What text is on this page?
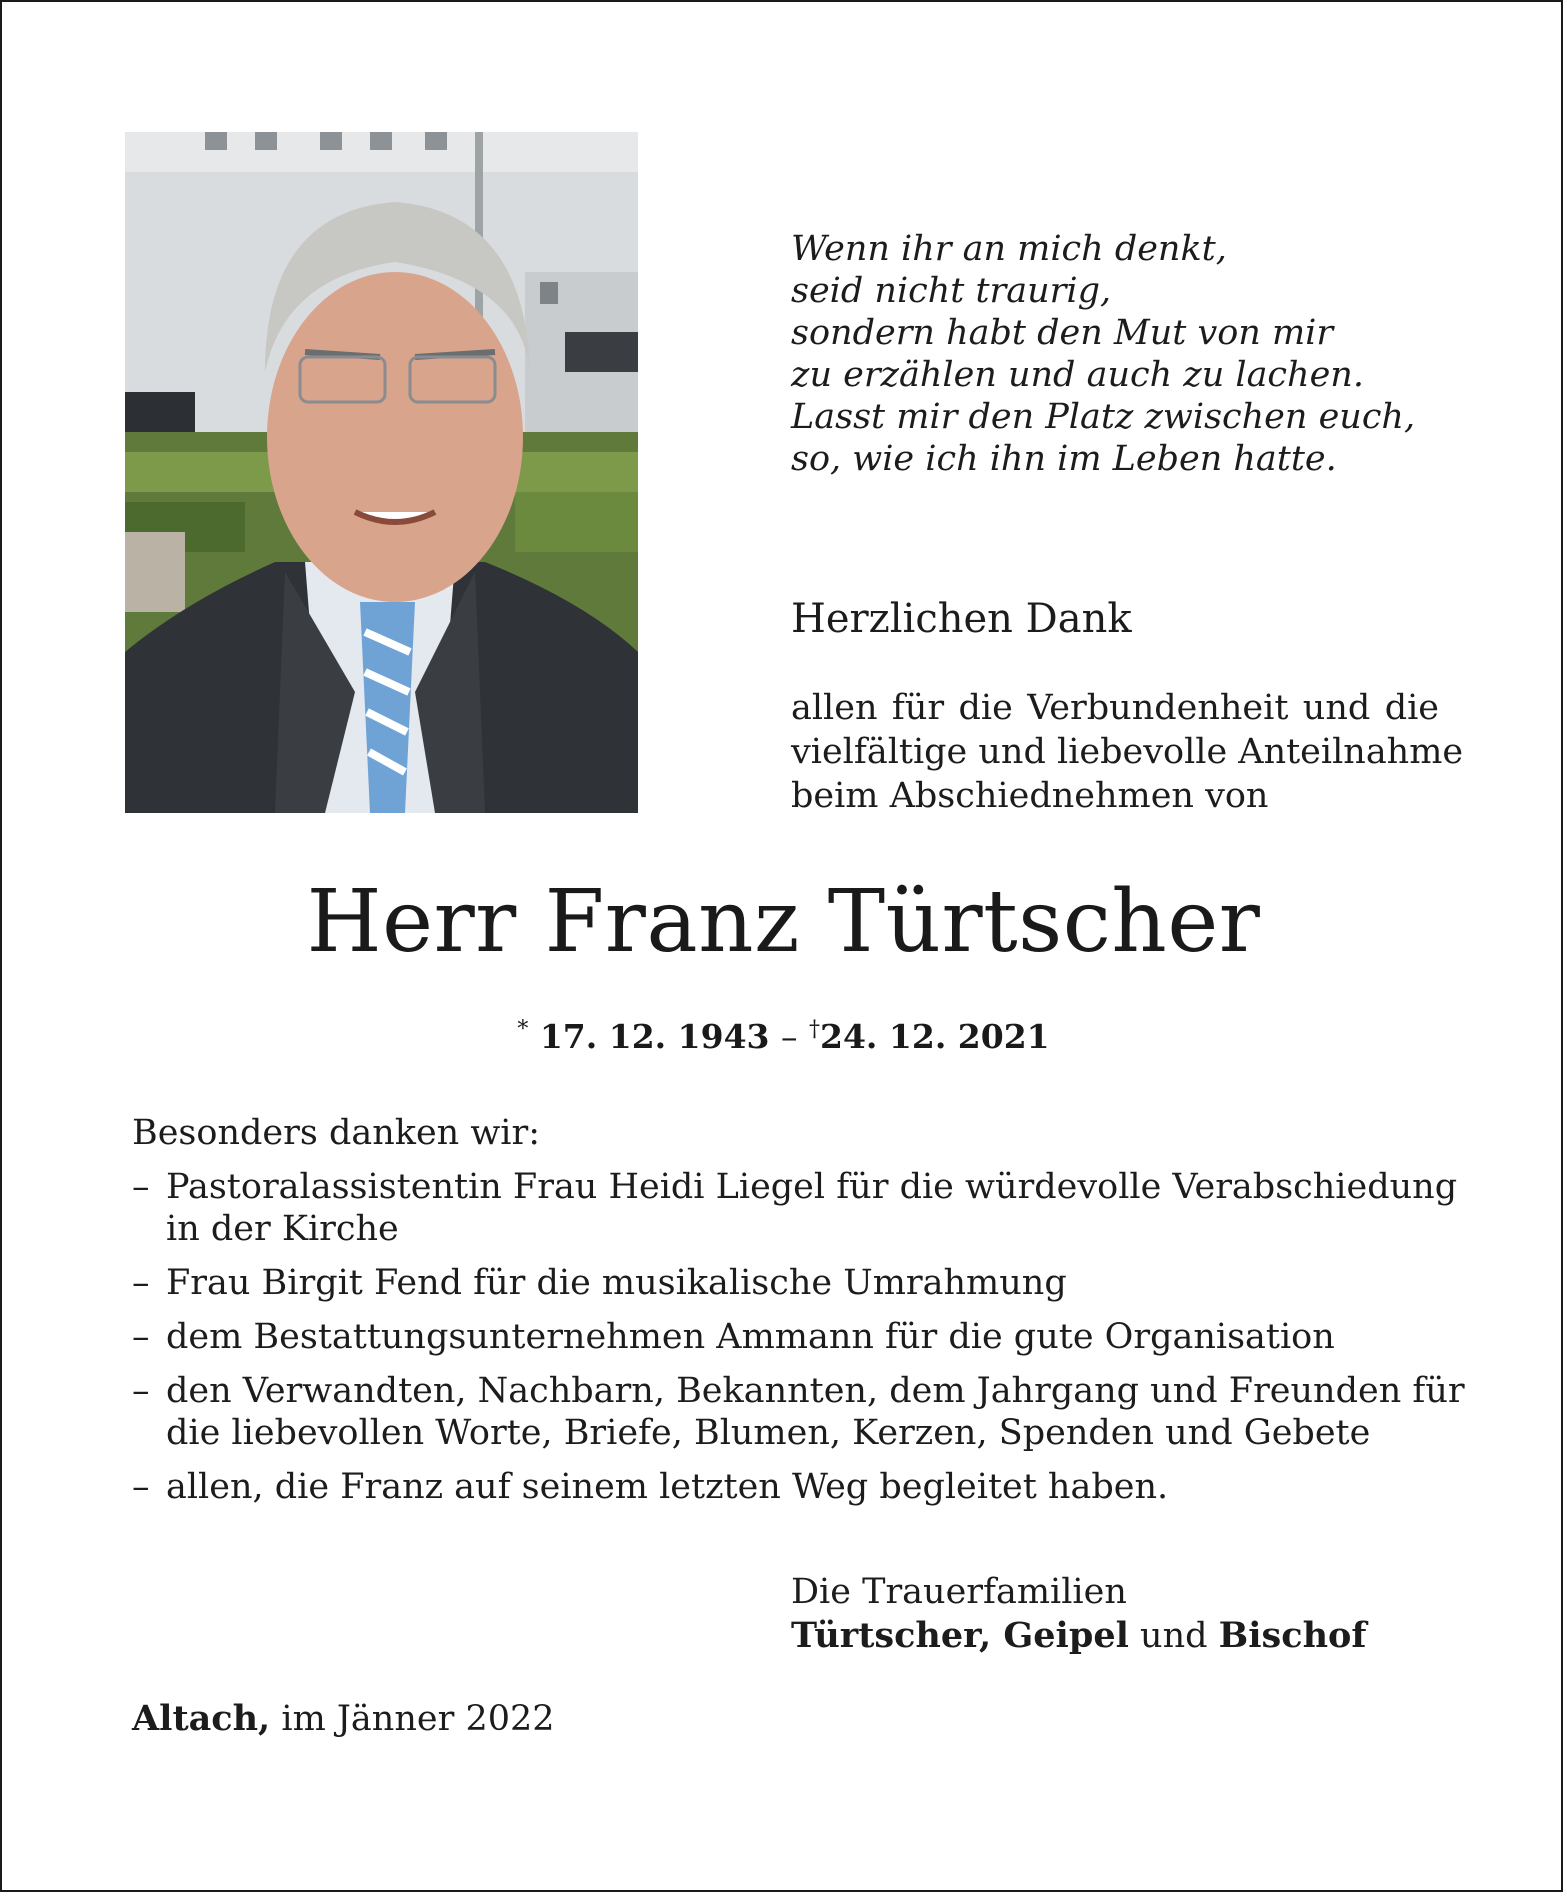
Wenn ihr an mich denkt,
seid nicht traurig,
sondern habt den Mut von mir
zu erzählen und auch zu lachen.
Lasst mir den Platz zwischen euch,
so, wie ich ihn im Leben hatte.
Herzlichen Dank
allen für die Verbundenheit und die
vielfältige und liebevolle Anteilnahme
beim Abschiednehmen von
Herr Franz Türtscher
* 17. 12. 1943 – †24. 12. 2021
Besonders danken wir:
– Pastoralassistentin Frau Heidi Liegel für die würdevolle Verabschiedung
in der Kirche
– Frau Birgit Fend für die musikalische Umrahmung
– dem Bestattungsunternehmen Ammann für die gute Organisation
– den Verwandten, Nachbarn, Bekannten, dem Jahrgang und Freunden für
die liebevollen Worte, Briefe, Blumen, Kerzen, Spenden und Gebete
– allen, die Franz auf seinem letzten Weg begleitet haben.
Die Trauerfamilien
Türtscher, Geipel und Bischof
Altach, im Jänner 2022
